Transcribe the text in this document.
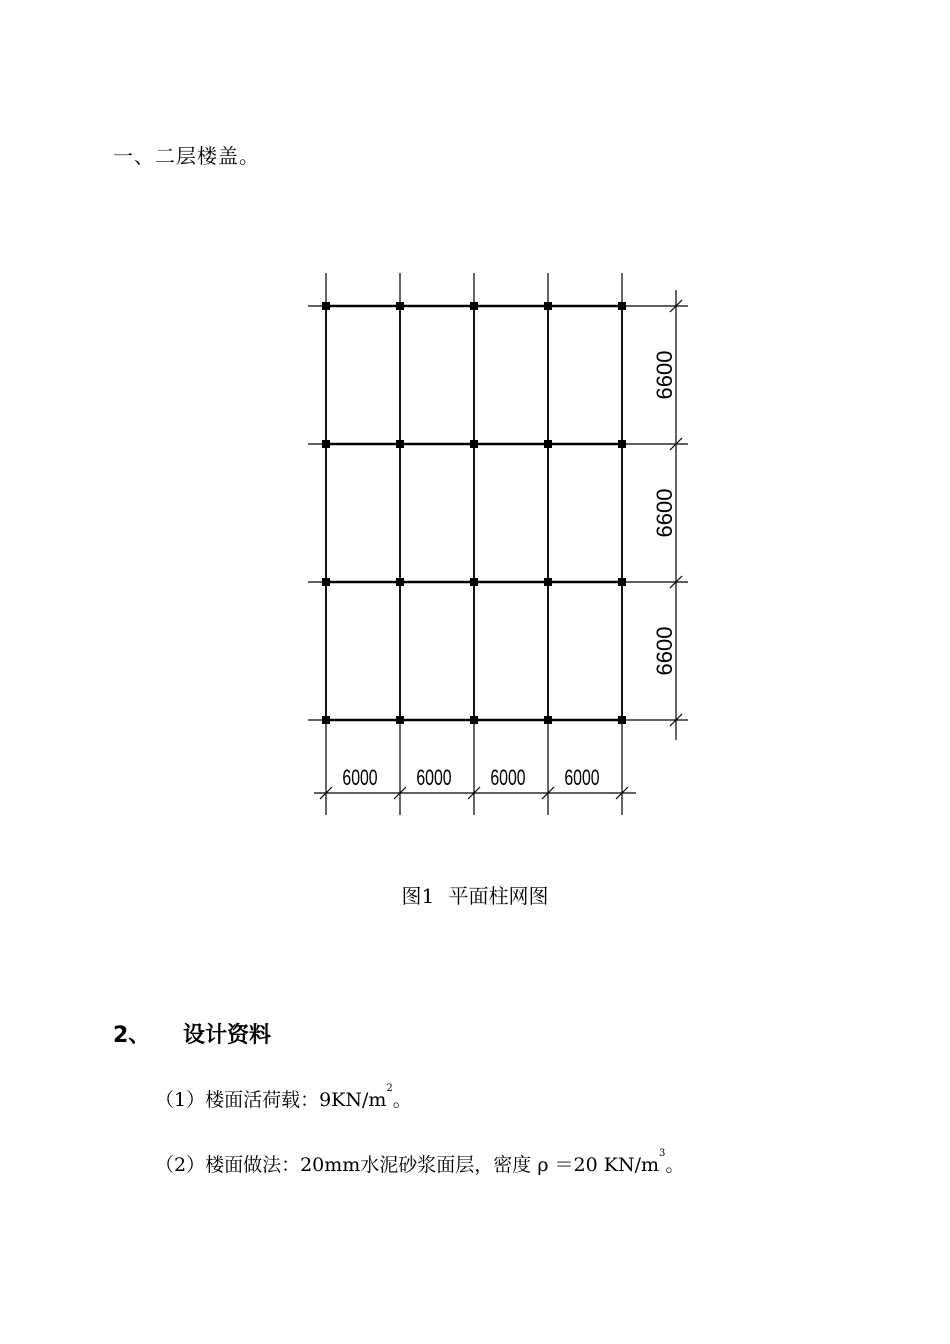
一、二层楼盖。
6000 6000 6000 6000
6600
6600
6600
图1 平面柱网图
2、 设计资料
（1）楼面活荷载：$9KN/m^2$。
（2）楼面做法：20mm水泥砂浆面层，密度 ρ ＝20 $KN/m^3$。
